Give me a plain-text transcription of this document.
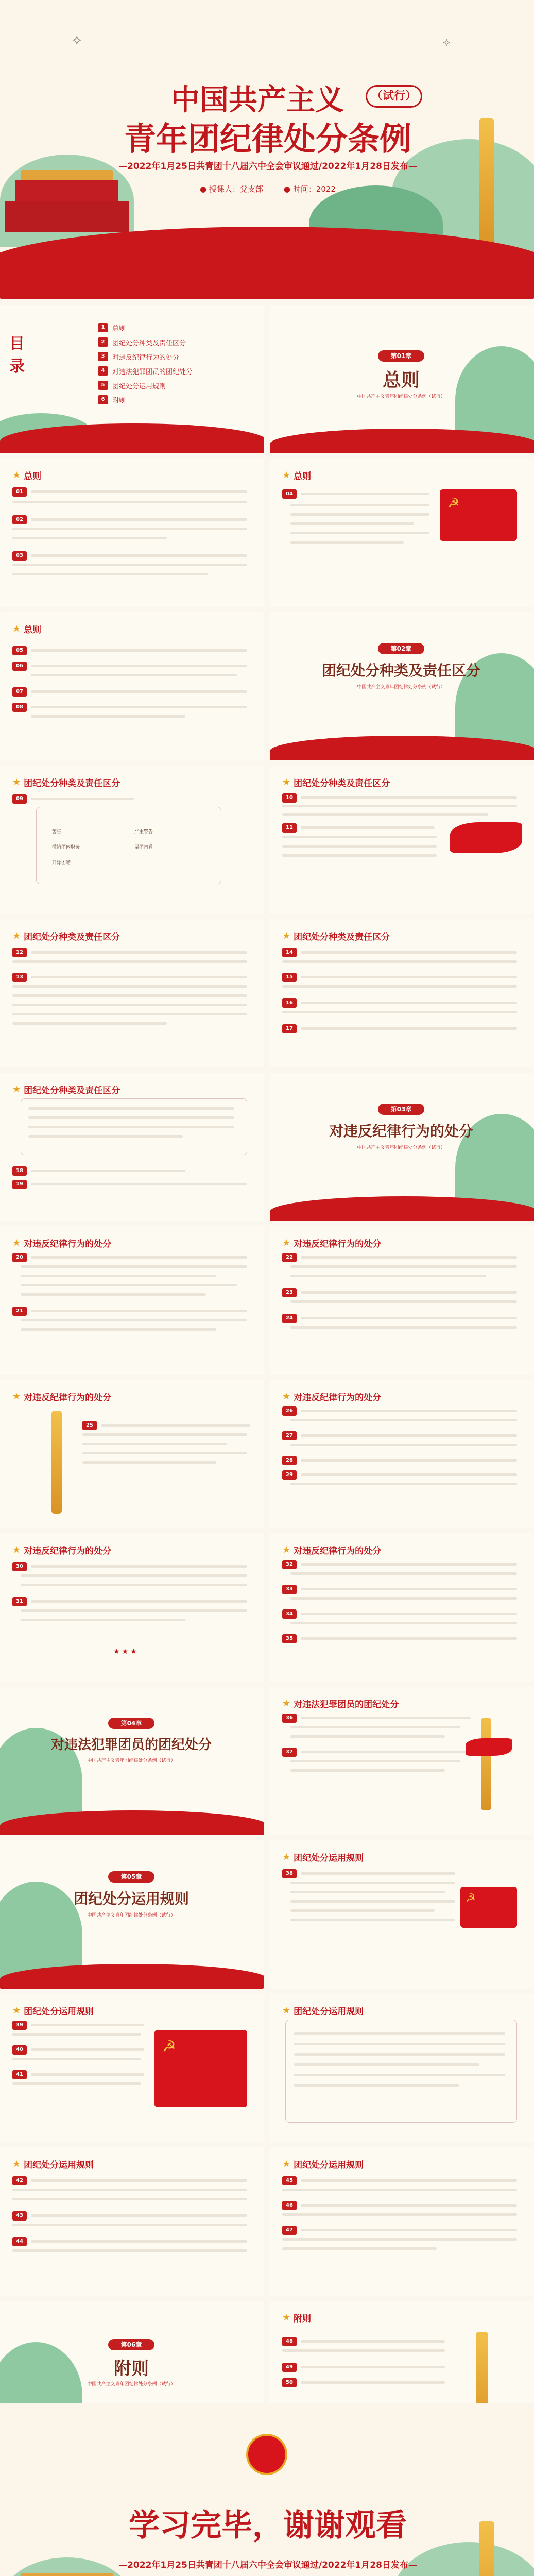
⟡	⟡
中国共产主义	（试行）
青年团纪律处分条例
—2022年1月25日共青团十八届六中全会审议通过/2022年1月28日发布—
● 授课人：党支部	● 时间：2022
目录
1	总则
2	团纪处分种类及责任区分
3	对违反纪律行为的处分
4	对违法犯罪团员的团纪处分
5	团纪处分运用规则
6	附则
第01章
总则
中国共产主义青年团纪律处分条例（试行）
★ 总则
01
02
03
★ 总则
04
☭
★ 总则
05
06
07
08
第02章
团纪处分种类及责任区分
中国共产主义青年团纪律处分条例（试行）
★ 团纪处分种类及责任区分
09
警告	严重警告
撤销团内职务	留团察看
开除团籍
★ 团纪处分种类及责任区分
10
11
★ 团纪处分种类及责任区分
12
13
★ 团纪处分种类及责任区分
14
15
16
17
★ 团纪处分种类及责任区分
18
19
第03章
对违反纪律行为的处分
中国共产主义青年团纪律处分条例（试行）
★ 对违反纪律行为的处分
20
21
★ 对违反纪律行为的处分
22
23
24
★ 对违反纪律行为的处分
25
★ 对违反纪律行为的处分
26
27
28
29
★ 对违反纪律行为的处分
30
31
★★★
★ 对违反纪律行为的处分
32
33
34
35
第04章
对违法犯罪团员的团纪处分
中国共产主义青年团纪律处分条例（试行）
★ 对违法犯罪团员的团纪处分
36
37
第05章
团纪处分运用规则
中国共产主义青年团纪律处分条例（试行）
★ 团纪处分运用规则
38
☭
★ 团纪处分运用规则
39
40
41
☭
★ 团纪处分运用规则
★ 团纪处分运用规则
42
43
44
★ 团纪处分运用规则
45
46
47
第06章
附则
中国共产主义青年团纪律处分条例（试行）
★ 附则
48
49
50
学习完毕，谢谢观看
—2022年1月25日共青团十八届六中全会审议通过/2022年1月28日发布—
